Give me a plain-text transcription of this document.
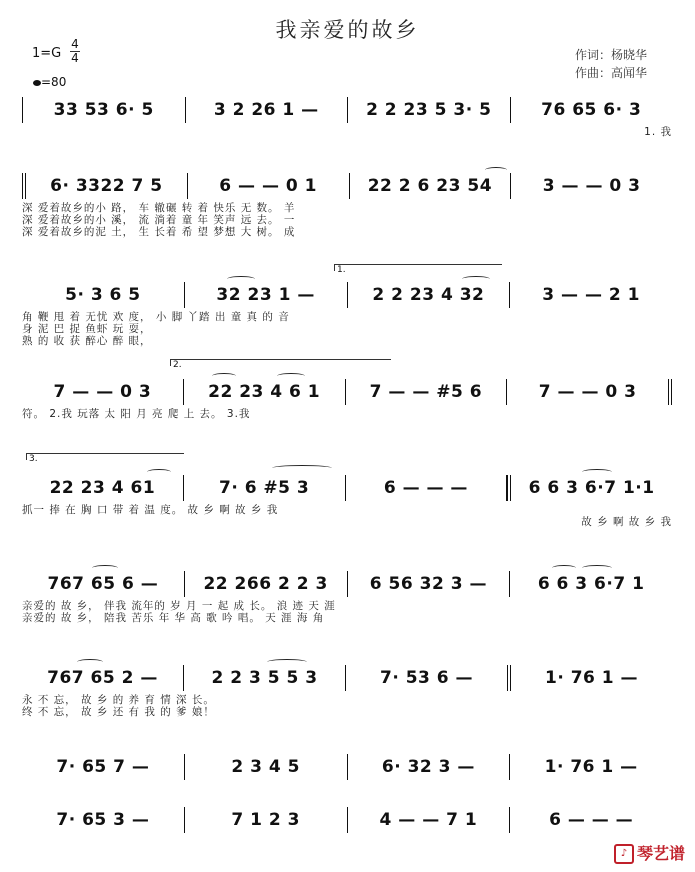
我亲爱的故乡
$1=G \frac{4}{4}$
=80
作词：杨晓华
作曲：高闻华
33 53 6· 5	3 2 26 1 —	2 2 23 5 3· 5	76 65 6· 3
1. 我
6· 3322 7 5	6 — — 0 1	22 2 6 23 54	3 — — 0 3
深 爱着故乡的小 路， 车 辙碾 转 着 快乐 无 数。 羊
深 爱着故乡的小 溪， 流 淌着 童 年 笑声 远 去。 一
深 爱着故乡的泥 土， 生 长着 希 望 梦想 大 树。 成
1.
5· 3 6 5	32 23 1 —	2 2 23 4 32	3 — — 2 1
角 鞭 甩 着 无忧 欢 度， 小 脚 丫踏 出 童 真 的 音
身 泥 巴 捉 鱼虾 玩 耍，
熟 的 收 获 醉心 醉 眼，
2.
7 — — 0 3	22 23 4 6 1	7 — — #5 6	7 — — 0 3
符。 2.我 玩落 太 阳 月 亮 爬 上 去。 3.我
3.
22 23 4 61	7· 6 #5 3	6 — — —	6 6 3 6·7 1·1
抓一 捧 在 胸 口 带 着 温 度。 故 乡 啊 故 乡 我
故 乡 啊 故 乡 我
767 65 6 —	22 266 2 2 3	6 56 32 3 —	6 6 3 6·7 1
亲爱的 故 乡， 伴我 流年的 岁 月 一 起 成 长。 浪 迹 天 涯
亲爱的 故 乡， 陪我 苦乐 年 华 高 歌 吟 唱。 天 涯 海 角
767 65 2 —	2 2 3 5 5 3	7· 53 6 —	1· 76 1 —
永 不 忘， 故 乡 的 养 育 情 深 长。
终 不 忘， 故 乡 还 有 我 的 爹 娘！
7· 65 7 —	2 3 4 5	6· 32 3 —	1· 76 1 —
7· 65 3 —	7 1 2 3	4 — — 7 1	6 — — —
♪ 琴艺谱
